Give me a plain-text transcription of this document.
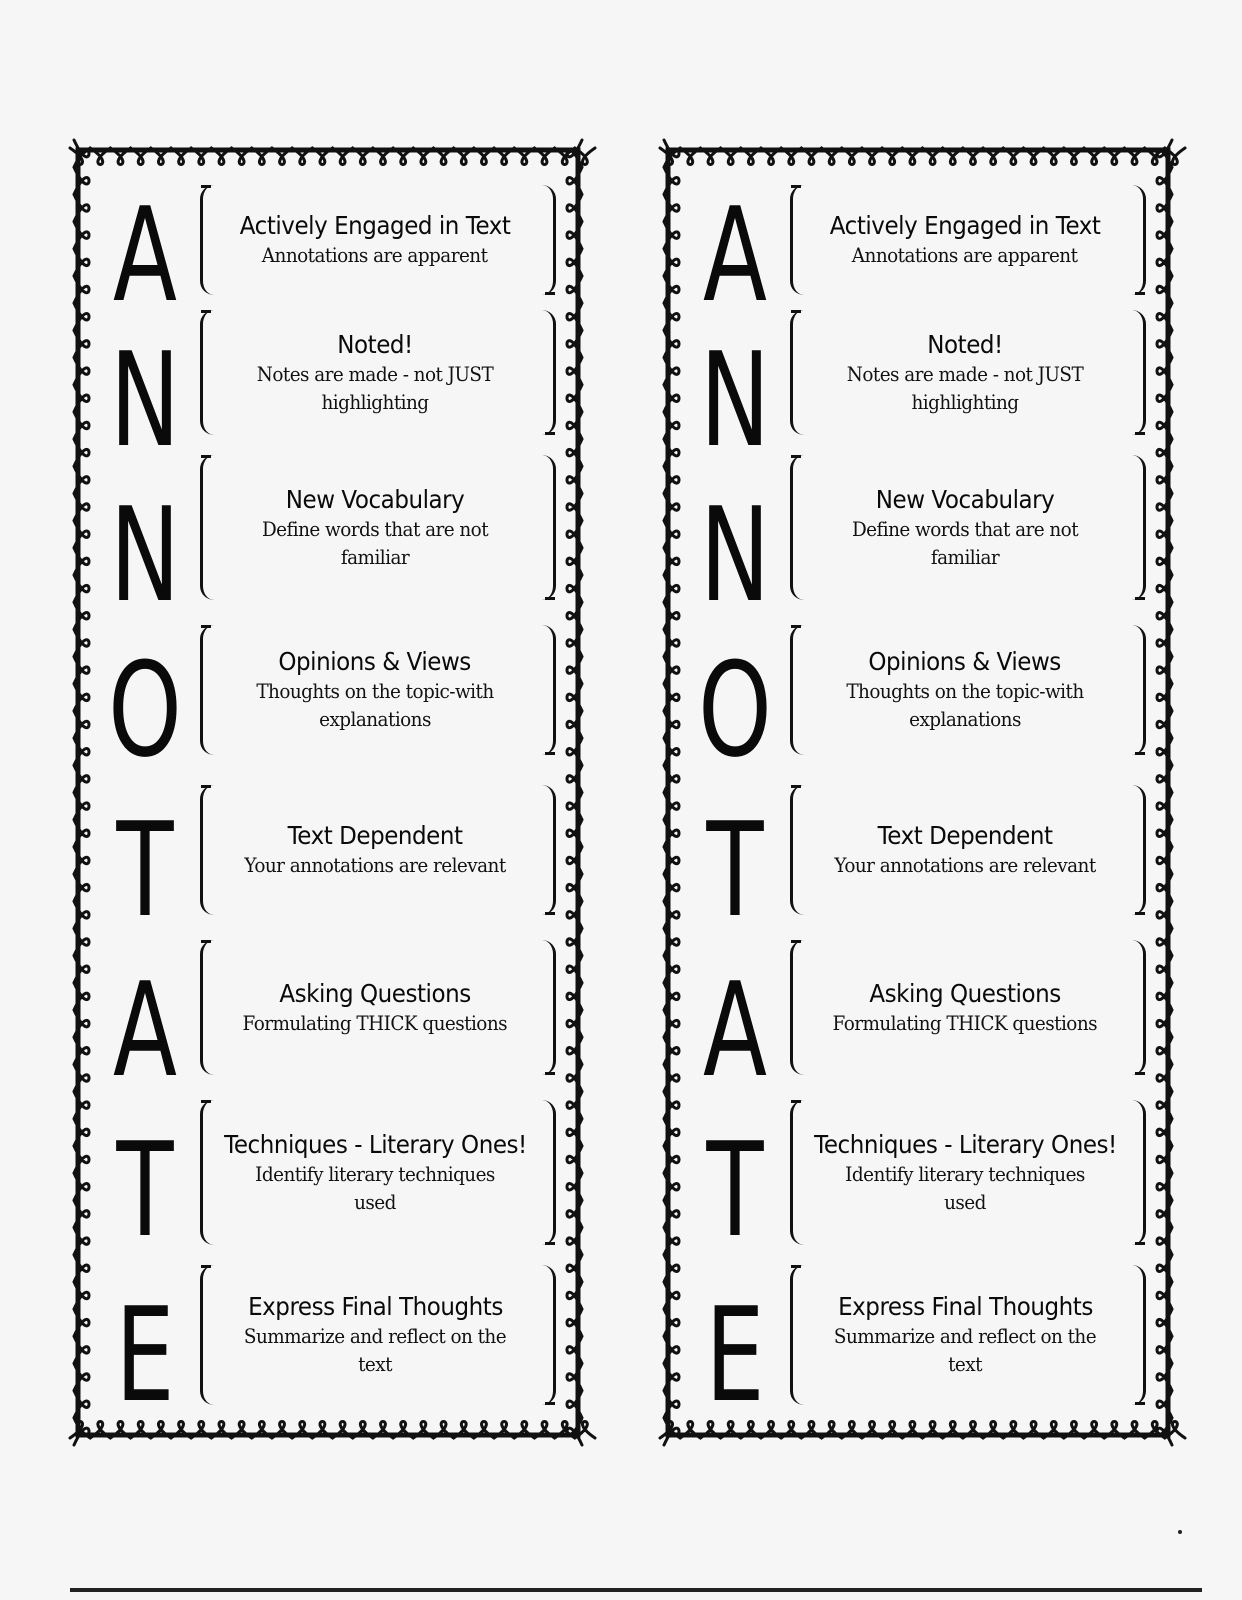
A	Actively Engaged in Text
Annotations are apparent
N	Noted!
Notes are made - not JUST highlighting
N	New Vocabulary
Define words that are not familiar
O	Opinions & Views
Thoughts on the topic-with explanations
T	Text Dependent
Your annotations are relevant
A	Asking Questions
Formulating THICK questions
T	Techniques - Literary Ones!
Identify literary techniques used
E	Express Final Thoughts
Summarize and reflect on the text
A	Actively Engaged in Text
Annotations are apparent
N	Noted!
Notes are made - not JUST highlighting
N	New Vocabulary
Define words that are not familiar
O	Opinions & Views
Thoughts on the topic-with explanations
T	Text Dependent
Your annotations are relevant
A	Asking Questions
Formulating THICK questions
T	Techniques - Literary Ones!
Identify literary techniques used
E	Express Final Thoughts
Summarize and reflect on the text
